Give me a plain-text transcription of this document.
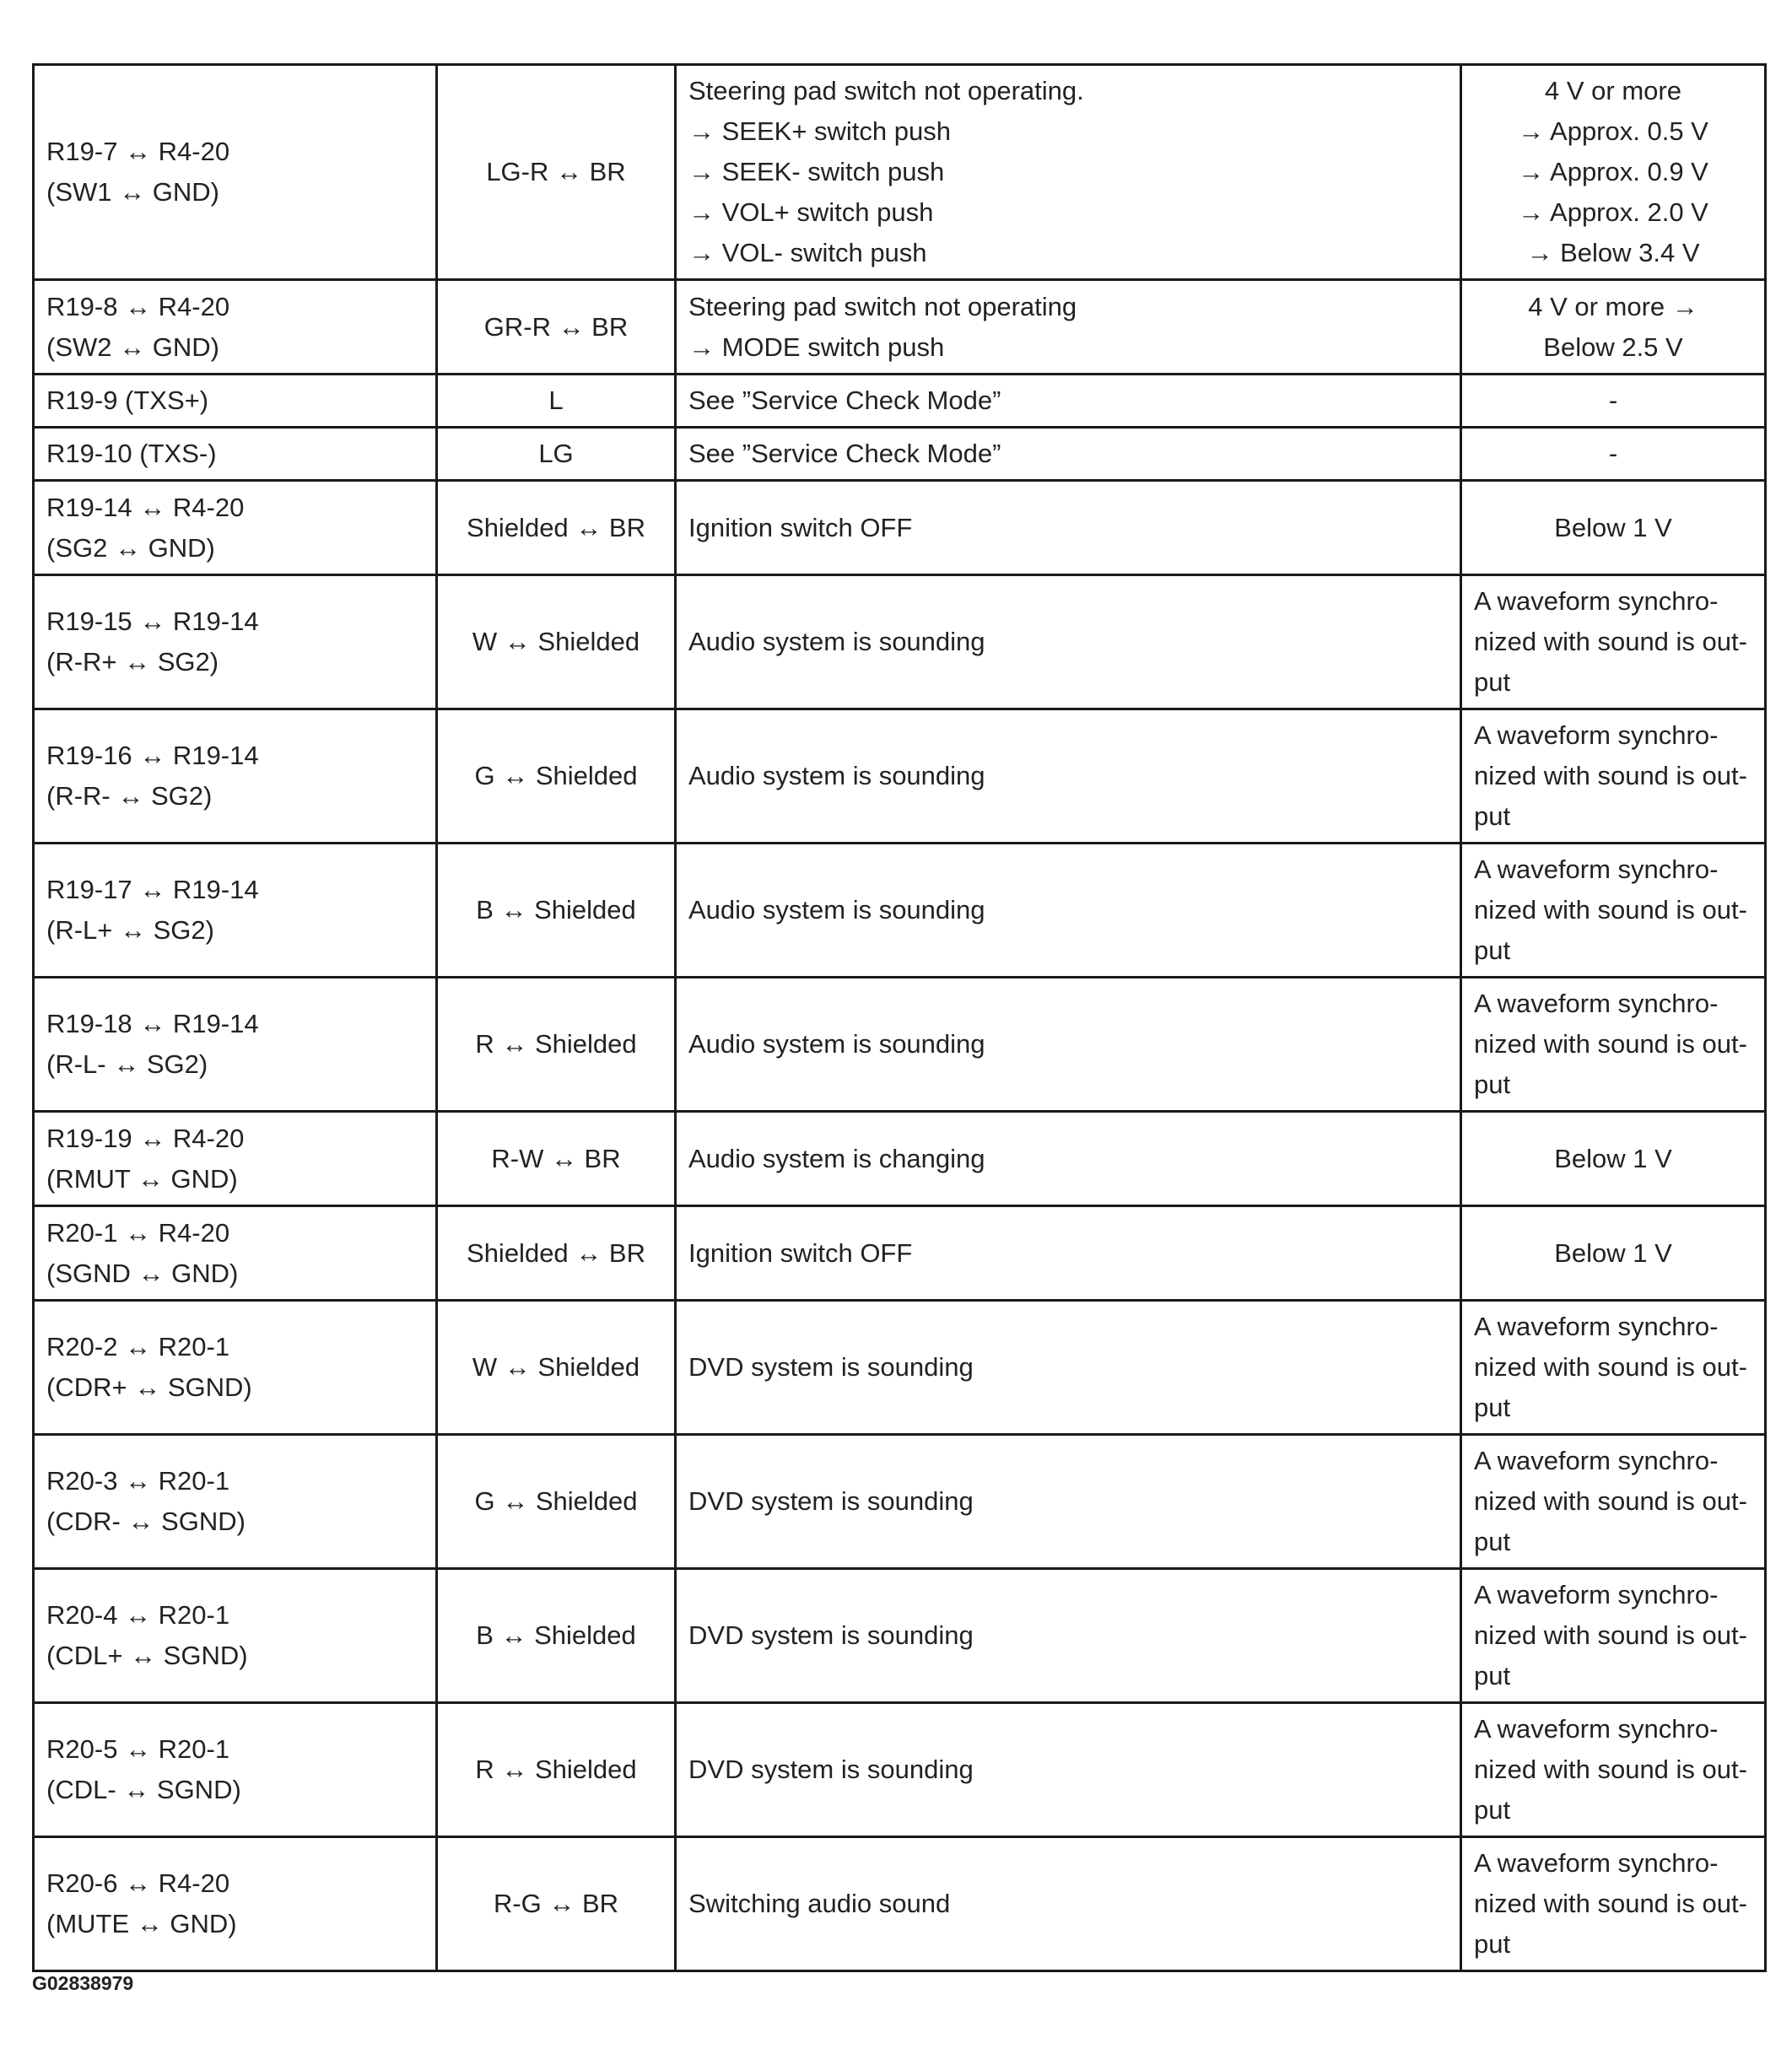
R19-7 ↔ R4-20
(SW1 ↔ GND)	LG-R ↔ BR	Steering pad switch not operating.
→ SEEK+ switch push
→ SEEK- switch push
→ VOL+ switch push
→ VOL- switch push	4 V or more
→ Approx. 0.5 V
→ Approx. 0.9 V
→ Approx. 2.0 V
→ Below 3.4 V
R19-8 ↔ R4-20
(SW2 ↔ GND)	GR-R ↔ BR	Steering pad switch not operating
→ MODE switch push	4 V or more →
Below 2.5 V
R19-9 (TXS+)	L	See ”Service Check Mode”	-
R19-10 (TXS-)	LG	See ”Service Check Mode”	-
R19-14 ↔ R4-20
(SG2 ↔ GND)	Shielded ↔ BR	Ignition switch OFF	Below 1 V
R19-15 ↔ R19-14
(R-R+ ↔ SG2)	W ↔ Shielded	Audio system is sounding	A waveform synchro-
nized with sound is out-
put
R19-16 ↔ R19-14
(R-R- ↔ SG2)	G ↔ Shielded	Audio system is sounding	A waveform synchro-
nized with sound is out-
put
R19-17 ↔ R19-14
(R-L+ ↔ SG2)	B ↔ Shielded	Audio system is sounding	A waveform synchro-
nized with sound is out-
put
R19-18 ↔ R19-14
(R-L- ↔ SG2)	R ↔ Shielded	Audio system is sounding	A waveform synchro-
nized with sound is out-
put
R19-19 ↔ R4-20
(RMUT ↔ GND)	R-W ↔ BR	Audio system is changing	Below 1 V
R20-1 ↔ R4-20
(SGND ↔ GND)	Shielded ↔ BR	Ignition switch OFF	Below 1 V
R20-2 ↔ R20-1
(CDR+ ↔ SGND)	W ↔ Shielded	DVD system is sounding	A waveform synchro-
nized with sound is out-
put
R20-3 ↔ R20-1
(CDR- ↔ SGND)	G ↔ Shielded	DVD system is sounding	A waveform synchro-
nized with sound is out-
put
R20-4 ↔ R20-1
(CDL+ ↔ SGND)	B ↔ Shielded	DVD system is sounding	A waveform synchro-
nized with sound is out-
put
R20-5 ↔ R20-1
(CDL- ↔ SGND)	R ↔ Shielded	DVD system is sounding	A waveform synchro-
nized with sound is out-
put
R20-6 ↔ R4-20
(MUTE ↔ GND)	R-G ↔ BR	Switching audio sound	A waveform synchro-
nized with sound is out-
put
G02838979
